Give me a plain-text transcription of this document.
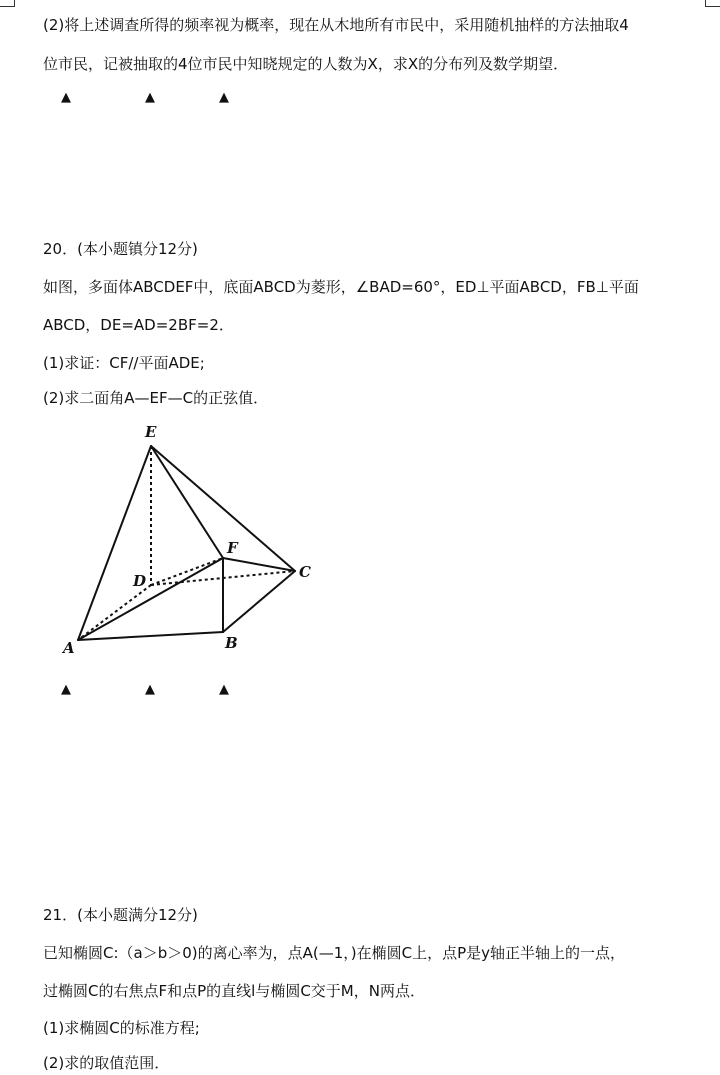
(2)将上述调查所得的频率视为概率，现在从木地所有市民中，采用随机抽样的方法抽取4
位市民，记被抽取的4位市民中知晓规定的人数为X，求X的分布列及数学期望．
▲	▲	▲
20．(本小题镇分12分)
如图，多面体ABCDEF中，底面ABCD为菱形，∠BAD=60°，ED⊥平面ABCD，FB⊥平面
ABCD，DE=AD=2BF=2．
(1)求证：CF//平面ADE;
(2)求二面角A—EF—C的正弦值．
E
F
C
D
A	B
▲	▲	▲
21．(本小题满分12分)
已知椭圆C:（a＞b＞0)的离心率为，点A(—1，)在椭圆C上，点P是y轴正半轴上的一点，
过椭圆C的右焦点F和点P的直线l与椭圆C交于M，N两点．
(1)求椭圆C的标准方程;
(2)求的取值范围．
